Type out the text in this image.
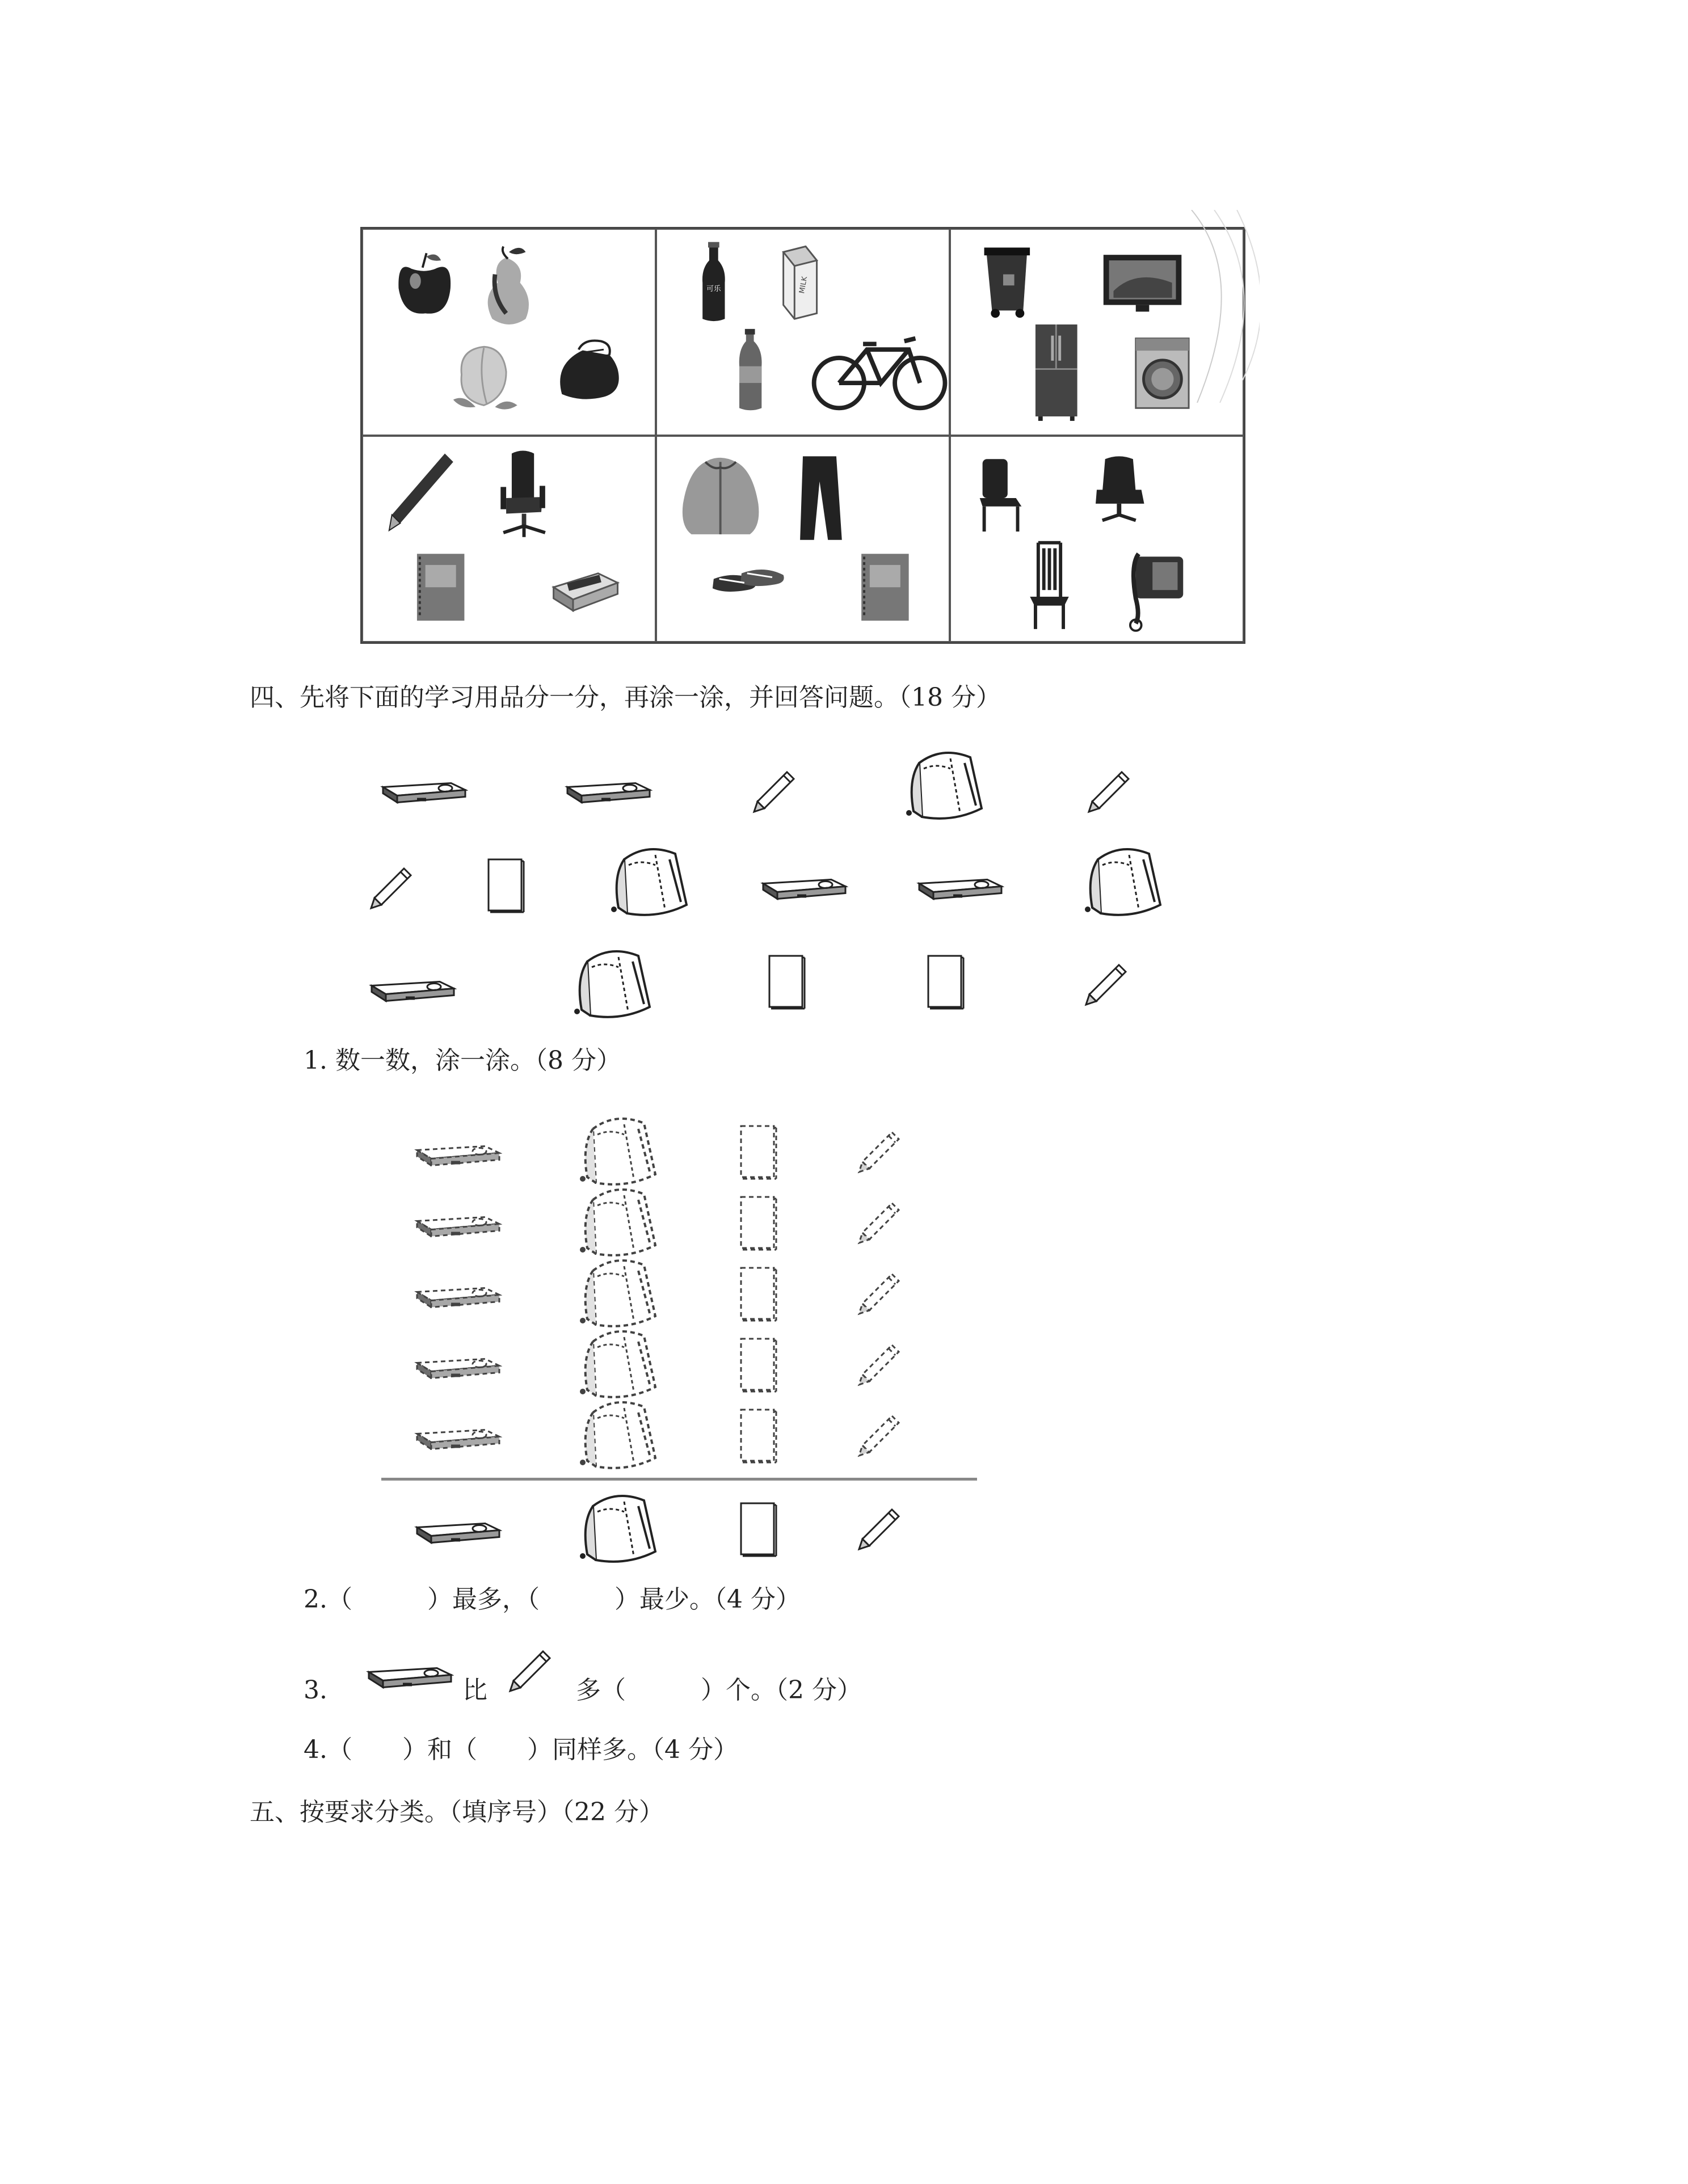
可乐	MILK
四、先将下面的学习用品分一分，再涂一涂，并回答问题。（18 分）
1. 数一数，涂一涂。（8 分）
2.（　　　）最多，（　　　）最少。（4 分）
3.	比	多（　　　）个。（2 分）
4.（　　）和（　　）同样多。（4 分）
五、按要求分类。（填序号）（22 分）
